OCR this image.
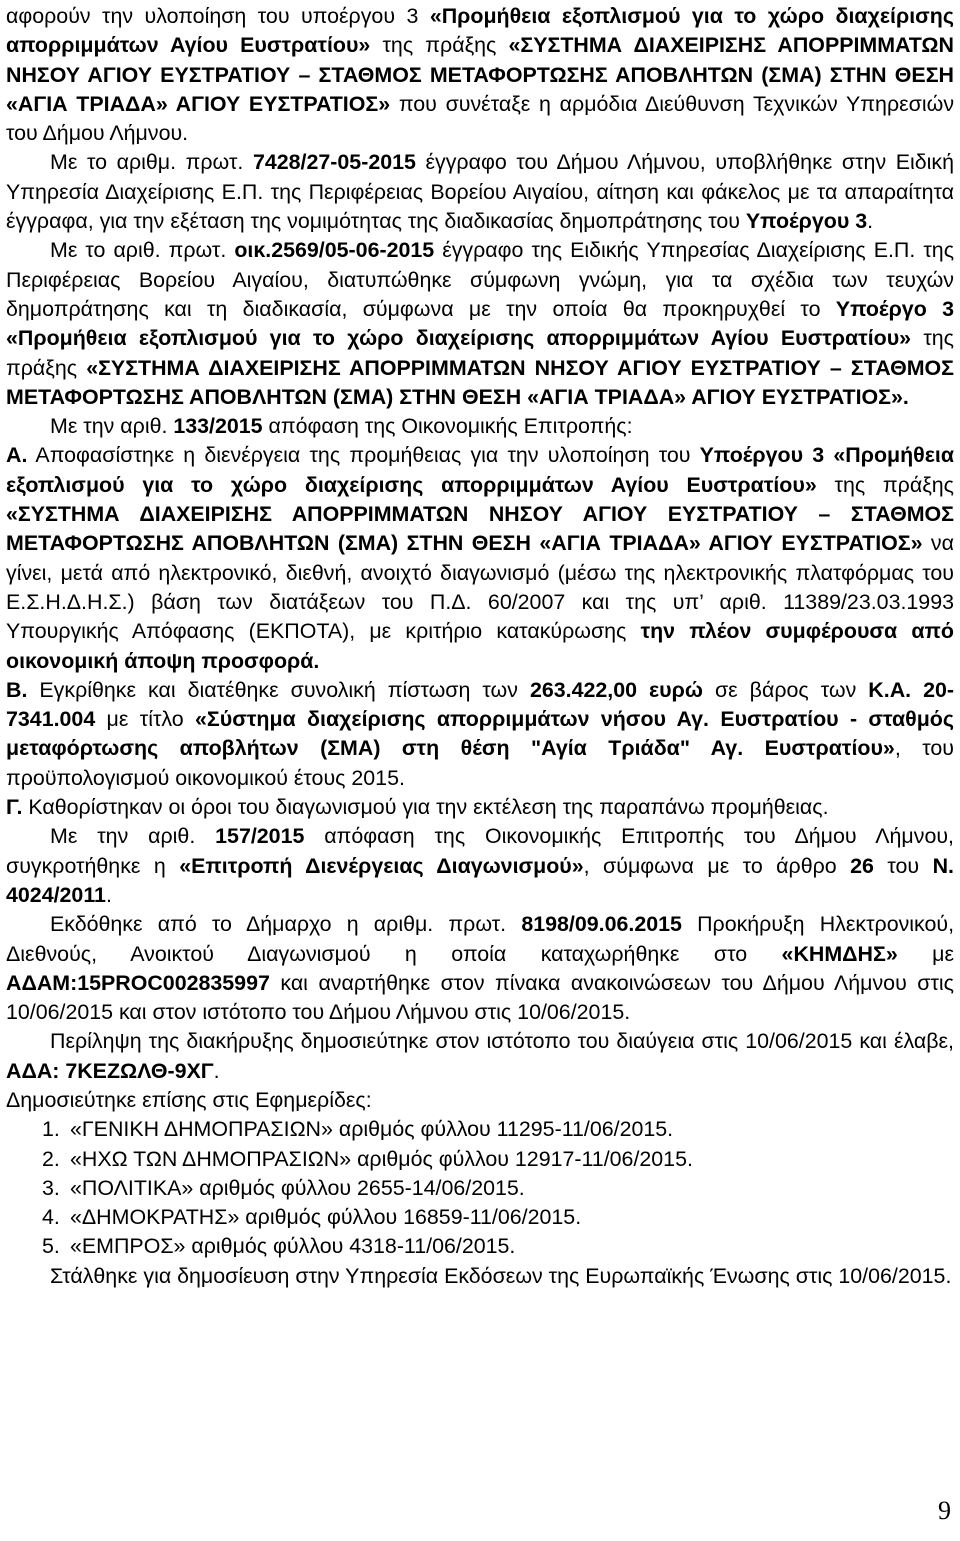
αφορούν την υλοποίηση του υποέργου 3 «Προμήθεια εξοπλισμού για το χώρο διαχείρισης απορριμμάτων Αγίου Ευστρατίου» της πράξης «ΣΥΣΤΗΜΑ ΔΙΑΧΕΙΡΙΣΗΣ ΑΠΟΡΡΙΜΜΑΤΩΝ ΝΗΣΟΥ ΑΓΙΟΥ ΕΥΣΤΡΑΤΙΟΥ – ΣΤΑΘΜΟΣ ΜΕΤΑΦΟΡΤΩΣΗΣ ΑΠΟΒΛΗΤΩΝ (ΣΜΑ) ΣΤΗΝ ΘΕΣΗ «ΑΓΙΑ ΤΡΙΑΔΑ» ΑΓΙΟΥ ΕΥΣΤΡΑΤΙΟΣ» που συνέταξε η αρμόδια Διεύθυνση Τεχνικών Υπηρεσιών του Δήμου Λήμνου.

Με το αριθμ. πρωτ. 7428/27-05-2015 έγγραφο του Δήμου Λήμνου, υποβλήθηκε στην Ειδική Υπηρεσία Διαχείρισης Ε.Π. της Περιφέρειας Βορείου Αιγαίου, αίτηση και φάκελος με τα απαραίτητα έγγραφα, για την εξέταση της νομιμότητας της διαδικασίας δημοπράτησης του Υποέργου 3.

Με το αριθ. πρωτ. οικ.2569/05-06-2015 έγγραφο της Ειδικής Υπηρεσίας Διαχείρισης Ε.Π. της Περιφέρειας Βορείου Αιγαίου, διατυπώθηκε σύμφωνη γνώμη, για τα σχέδια των τευχών δημοπράτησης και τη διαδικασία, σύμφωνα με την οποία θα προκηρυχθεί το Υποέργο 3 «Προμήθεια εξοπλισμού για το χώρο διαχείρισης απορριμμάτων Αγίου Ευστρατίου» της πράξης «ΣΥΣΤΗΜΑ ΔΙΑΧΕΙΡΙΣΗΣ ΑΠΟΡΡΙΜΜΑΤΩΝ ΝΗΣΟΥ ΑΓΙΟΥ ΕΥΣΤΡΑΤΙΟΥ – ΣΤΑΘΜΟΣ ΜΕΤΑΦΟΡΤΩΣΗΣ ΑΠΟΒΛΗΤΩΝ (ΣΜΑ) ΣΤΗΝ ΘΕΣΗ «ΑΓΙΑ ΤΡΙΑΔΑ» ΑΓΙΟΥ ΕΥΣΤΡΑΤΙΟΣ».

Με την αριθ. 133/2015 απόφαση της Οικονομικής Επιτροπής:

Α. Αποφασίστηκε η διενέργεια της προμήθειας για την υλοποίηση του Υποέργου 3 «Προμήθεια εξοπλισμού για το χώρο διαχείρισης απορριμμάτων Αγίου Ευστρατίου» της πράξης «ΣΥΣΤΗΜΑ ΔΙΑΧΕΙΡΙΣΗΣ ΑΠΟΡΡΙΜΜΑΤΩΝ ΝΗΣΟΥ ΑΓΙΟΥ ΕΥΣΤΡΑΤΙΟΥ – ΣΤΑΘΜΟΣ ΜΕΤΑΦΟΡΤΩΣΗΣ ΑΠΟΒΛΗΤΩΝ (ΣΜΑ) ΣΤΗΝ ΘΕΣΗ «ΑΓΙΑ ΤΡΙΑΔΑ» ΑΓΙΟΥ ΕΥΣΤΡΑΤΙΟΣ» να γίνει, μετά από ηλεκτρονικό, διεθνή, ανοιχτό διαγωνισμό (μέσω της ηλεκτρονικής πλατφόρμας του Ε.Σ.Η.Δ.Η.Σ.) βάση των διατάξεων του Π.Δ. 60/2007 και της υπ’ αριθ. 11389/23.03.1993 Υπουργικής Απόφασης (ΕΚΠΟΤΑ), με κριτήριο κατακύρωσης την πλέον συμφέρουσα από οικονομική άποψη προσφορά.

Β. Εγκρίθηκε και διατέθηκε συνολική πίστωση των 263.422,00 ευρώ σε βάρος των Κ.Α. 20-7341.004 με τίτλο «Σύστημα διαχείρισης απορριμμάτων νήσου Αγ. Ευστρατίου - σταθμός μεταφόρτωσης αποβλήτων (ΣΜΑ) στη θέση "Αγία Τριάδα" Αγ. Ευστρατίου», του προϋπολογισμού οικονομικού έτους 2015.

Γ. Καθορίστηκαν οι όροι του διαγωνισμού για την εκτέλεση της παραπάνω προμήθειας.

Με την αριθ. 157/2015 απόφαση της Οικονομικής Επιτροπής του Δήμου Λήμνου, συγκροτήθηκε η «Επιτροπή Διενέργειας Διαγωνισμού», σύμφωνα με το άρθρο 26 του Ν. 4024/2011.

Εκδόθηκε από το Δήμαρχο η αριθμ. πρωτ. 8198/09.06.2015 Προκήρυξη Ηλεκτρονικού, Διεθνούς, Ανοικτού Διαγωνισμού η οποία καταχωρήθηκε στο «ΚΗΜΔΗΣ» με ΑΔΑΜ:15PROC002835997 και αναρτήθηκε στον πίνακα ανακοινώσεων του Δήμου Λήμνου στις 10/06/2015 και στον ιστότοπο του Δήμου Λήμνου στις 10/06/2015.

Περίληψη της διακήρυξης δημοσιεύτηκε στον ιστότοπο του διαύγεια στις 10/06/2015 και έλαβε, ΑΔΑ: 7ΚΕΖΩΛΘ-9ΧΓ.

Δημοσιεύτηκε επίσης στις Εφημερίδες:

1. «ΓΕΝΙΚΗ ΔΗΜΟΠΡΑΣΙΩΝ» αριθμός φύλλου 11295-11/06/2015.
2. «ΗΧΩ ΤΩΝ ΔΗΜΟΠΡΑΣΙΩΝ» αριθμός φύλλου 12917-11/06/2015.
3. «ΠΟΛΙΤΙΚΑ» αριθμός φύλλου 2655-14/06/2015.
4. «ΔΗΜΟΚΡΑΤΗΣ» αριθμός φύλλου 16859-11/06/2015.
5. «ΕΜΠΡΟΣ» αριθμός φύλλου 4318-11/06/2015.

Στάλθηκε για δημοσίευση στην Υπηρεσία Εκδόσεων της Ευρωπαϊκής Ένωσης στις 10/06/2015.

9
